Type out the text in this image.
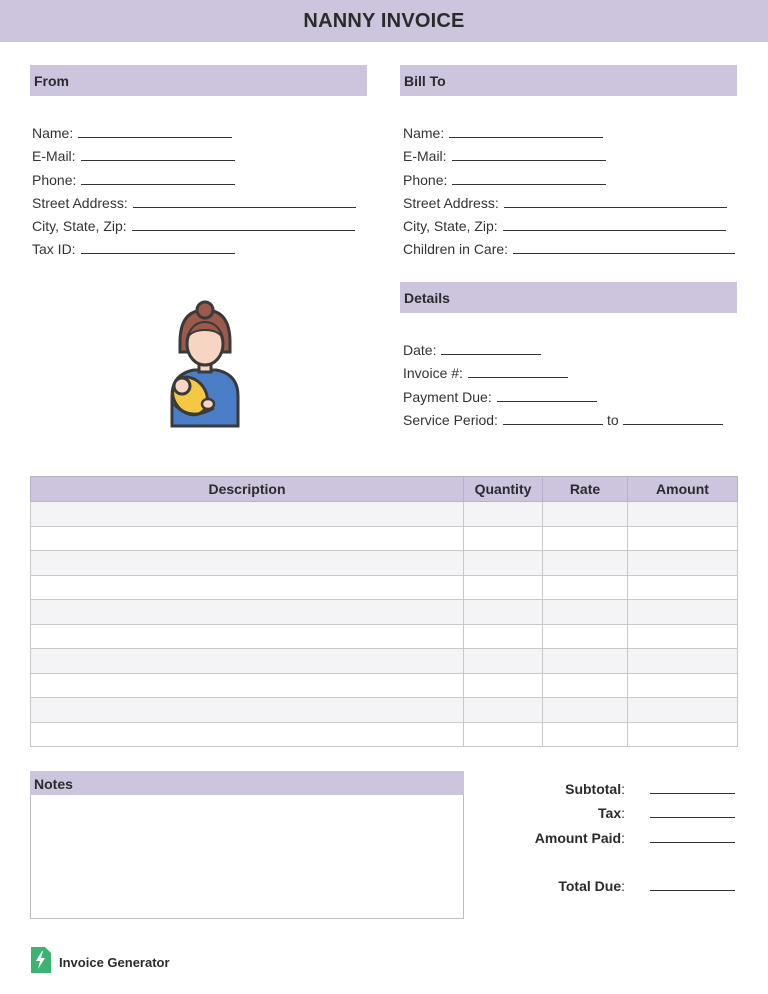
NANNY INVOICE
From
Name:
E-Mail:
Phone:
Street Address:
City, State, Zip:
Tax ID:
Bill To
Name:
E-Mail:
Phone:
Street Address:
City, State, Zip:
Children in Care:
Details
Date:
Invoice #:
Payment Due:
Service Period:	to
Description	Quantity	Rate	Amount

Notes	Subtotal:
Tax:
Amount Paid:
Total Due:
Invoice Generator
